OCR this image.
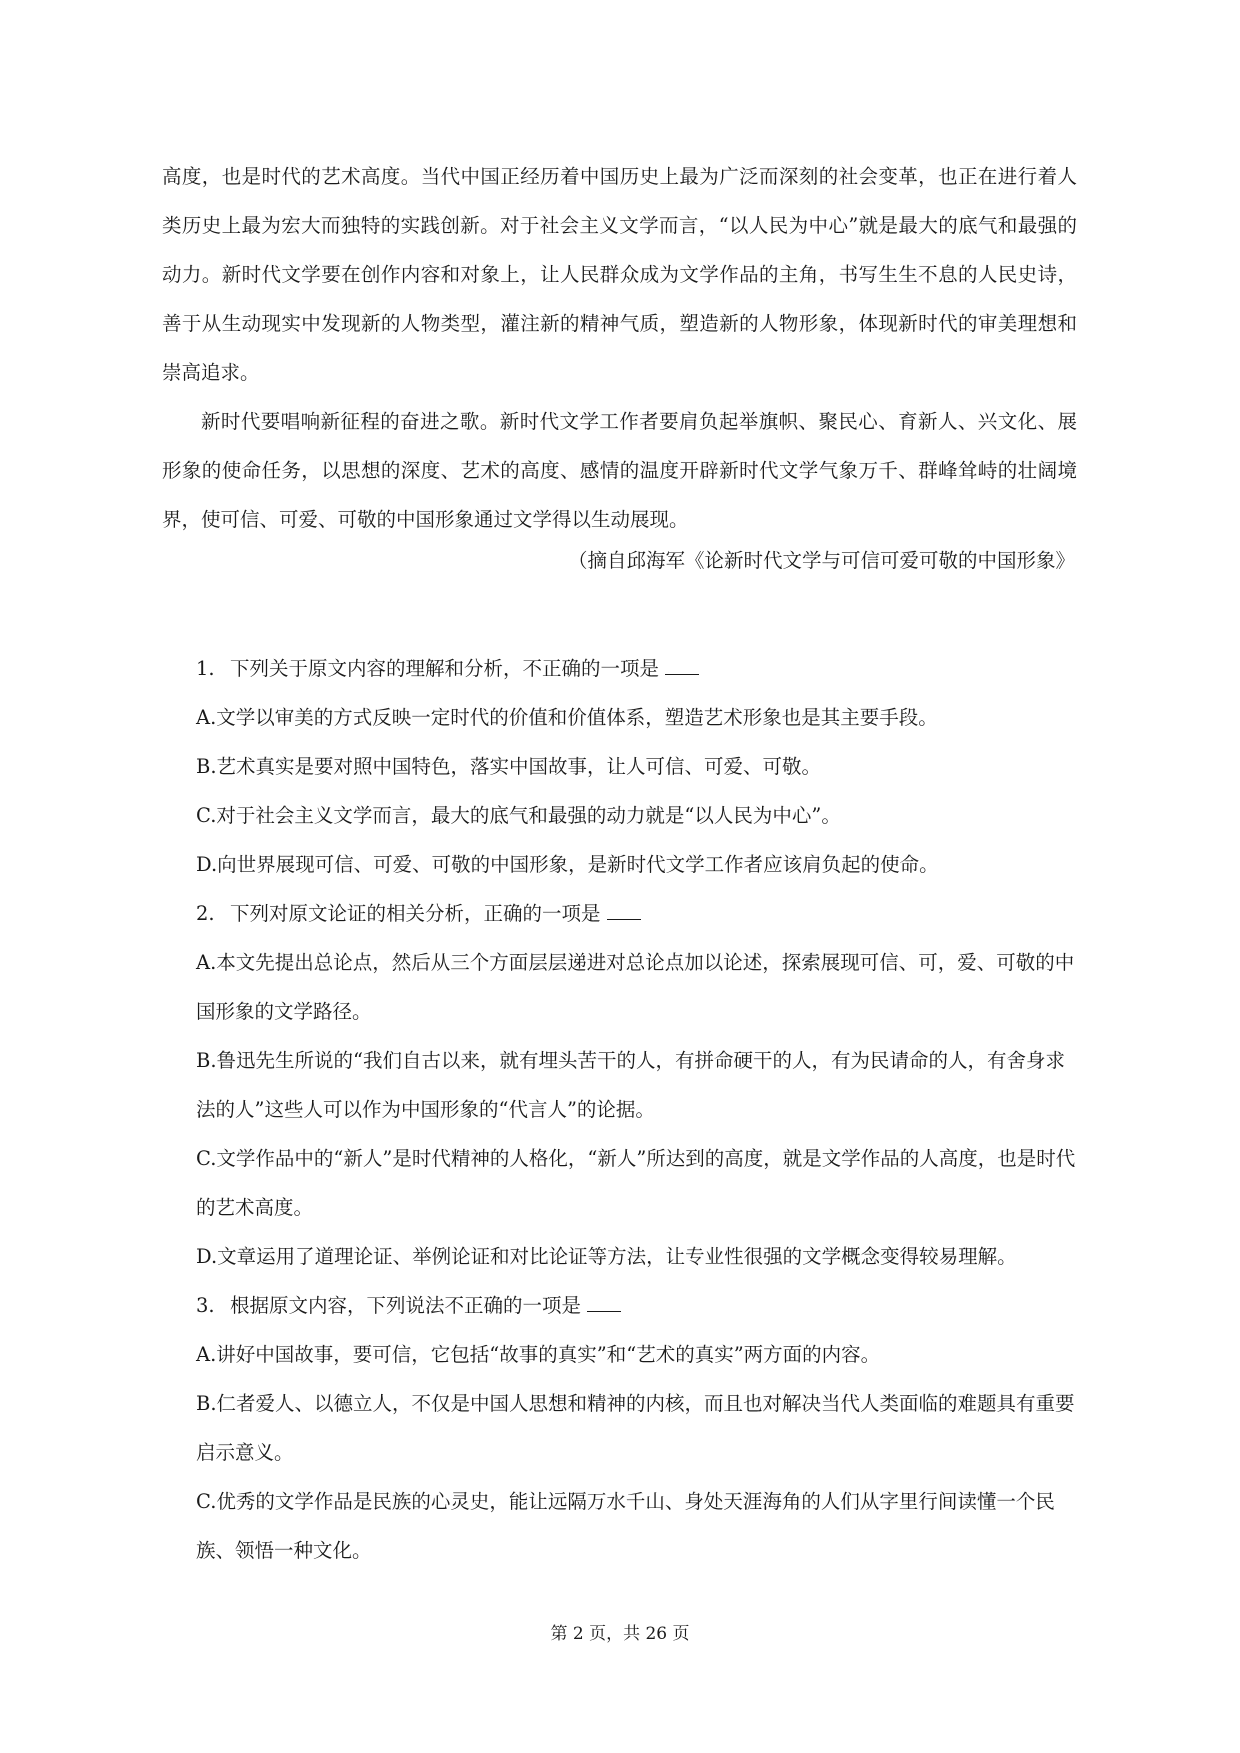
高度，也是时代的艺术高度。当代中国正经历着中国历史上最为广泛而深刻的社会变革，也正在进行着人类历史上最为宏大而独特的实践创新。对于社会主义文学而言，“以人民为中心”就是最大的底气和最强的动力。新时代文学要在创作内容和对象上，让人民群众成为文学作品的主角，书写生生不息的人民史诗，善于从生动现实中发现新的人物类型，灌注新的精神气质，塑造新的人物形象，体现新时代的审美理想和崇高追求。

新时代要唱响新征程的奋进之歌。新时代文学工作者要肩负起举旗帜、聚民心、育新人、兴文化、展形象的使命任务，以思想的深度、艺术的高度、感情的温度开辟新时代文学气象万千、群峰耸峙的壮阔境界，使可信、可爱、可敬的中国形象通过文学得以生动展现。

（摘自邱海军《论新时代文学与可信可爱可敬的中国形象》

1. 下列关于原文内容的理解和分析，不正确的一项是

A.文学以审美的方式反映一定时代的价值和价值体系，塑造艺术形象也是其主要手段。

B.艺术真实是要对照中国特色，落实中国故事，让人可信、可爱、可敬。

C.对于社会主义文学而言，最大的底气和最强的动力就是“以人民为中心”。

D.向世界展现可信、可爱、可敬的中国形象，是新时代文学工作者应该肩负起的使命。

2. 下列对原文论证的相关分析，正确的一项是

A.本文先提出总论点，然后从三个方面层层递进对总论点加以论述，探索展现可信、可，爱、可敬的中国形象的文学路径。

B.鲁迅先生所说的“我们自古以来，就有埋头苦干的人，有拼命硬干的人，有为民请命的人，有舍身求法的人”这些人可以作为中国形象的“代言人”的论据。

C.文学作品中的“新人”是时代精神的人格化，“新人”所达到的高度，就是文学作品的人高度，也是时代的艺术高度。

D.文章运用了道理论证、举例论证和对比论证等方法，让专业性很强的文学概念变得较易理解。

3. 根据原文内容，下列说法不正确的一项是

A.讲好中国故事，要可信，它包括“故事的真实”和“艺术的真实”两方面的内容。

B.仁者爱人、以德立人，不仅是中国人思想和精神的内核，而且也对解决当代人类面临的难题具有重要启示意义。

C.优秀的文学作品是民族的心灵史，能让远隔万水千山、身处天涯海角的人们从字里行间读懂一个民族、领悟一种文化。

第 2 页，共 26 页
